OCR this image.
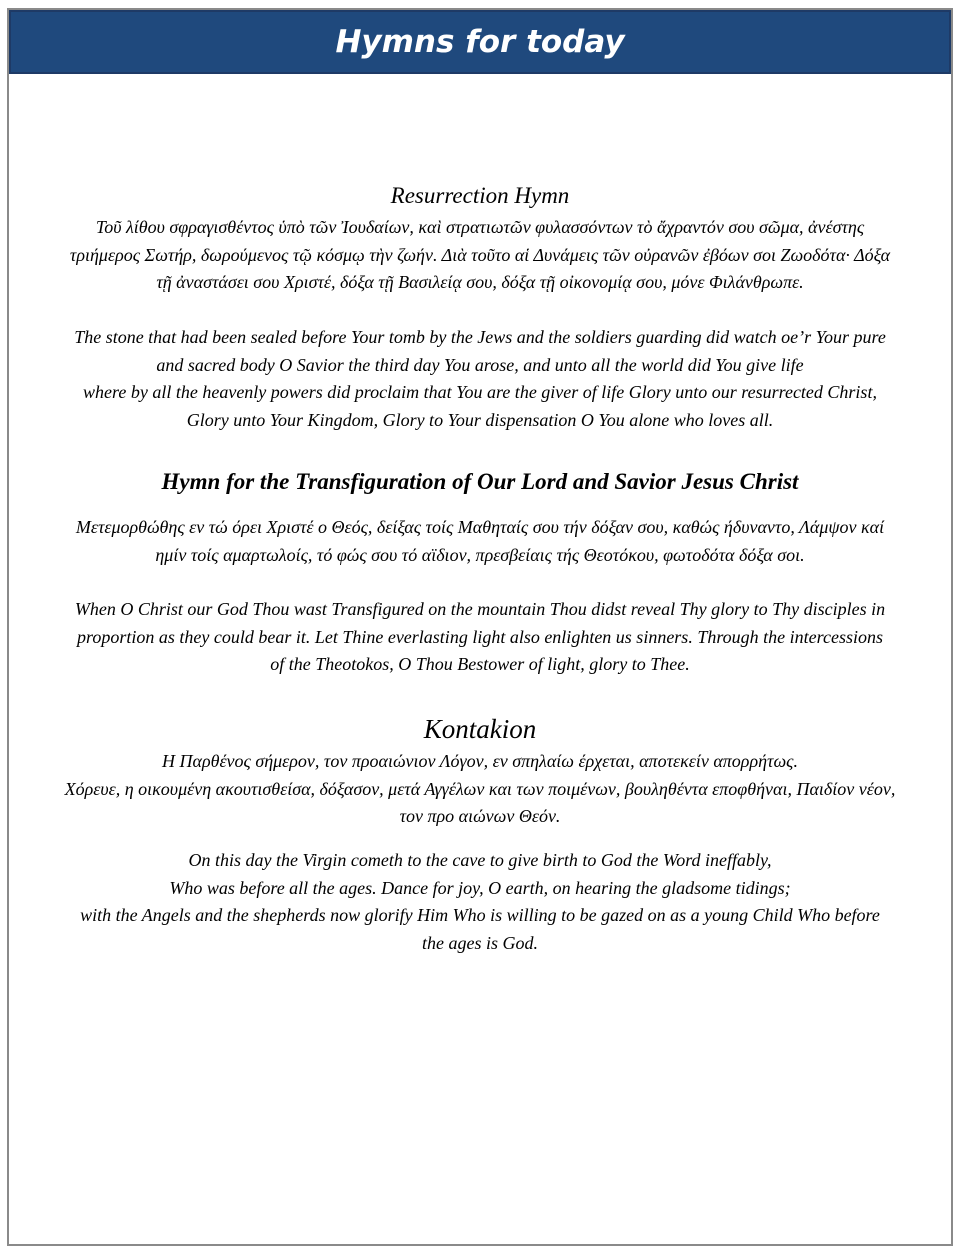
Hymns for today

Resurrection Hymn

Τοῦ λίθου σφραγισθέντος ὑπὸ τῶν Ἰουδαίων, καὶ στρατιωτῶν φυλασσόντων τὸ ἄχραντόν σου σῶμα, ἀνέστης

τριήμερος Σωτήρ, δωρούμενος τῷ κόσμῳ τὴν ζωήν. Διὰ τοῦτο αἱ Δυνάμεις τῶν οὐρανῶν ἐβόων σοι Ζωοδότα· Δόξα

τῇ ἀναστάσει σου Χριστέ, δόξα τῇ Βασιλείᾳ σου, δόξα τῇ οἰκονομίᾳ σου, μόνε Φιλάνθρωπε.

The stone that had been sealed before Your tomb by the Jews and the soldiers guarding did watch oe’r Your pure

and sacred body O Savior the third day You arose, and unto all the world did You give life

where by all the heavenly powers did proclaim that You are the giver of life Glory unto our resurrected Christ,

Glory unto Your Kingdom, Glory to Your dispensation O You alone who loves all.

Hymn for the Transfiguration of Our Lord and Savior Jesus Christ

Μετεμορθώθης εν τώ όρει Χριστέ ο Θεός, δείξας τοίς Μαθηταίς σου τήν δόξαν σου, καθώς ήδυναντο, Λάμψον καί

ημίν τοίς αμαρτωλοίς, τό φώς σου τό αϊδιον, πρεσβείαις τής Θεοτόκου, φωτοδότα δόξα σοι.

When O Christ our God Thou wast Transfigured on the mountain Thou didst reveal Thy glory to Thy disciples in

proportion as they could bear it. Let Thine everlasting light also enlighten us sinners. Through the intercessions

of the Theotokos, O Thou Bestower of light, glory to Thee.

Kontakion

Η Παρθένος σήμερον, τον προαιώνιον Λόγον, εν σπηλαίω έρχεται, αποτεκείν απορρήτως.

Χόρευε, η οικουμένη ακουτισθείσα, δόξασον, μετά Αγγέλων και των ποιμένων, βουληθέντα εποφθήναι, Παιδίον νέον,

τον προ αιώνων Θεόν.

On this day the Virgin cometh to the cave to give birth to God the Word ineffably,

Who was before all the ages. Dance for joy, O earth, on hearing the gladsome tidings;

with the Angels and the shepherds now glorify Him Who is willing to be gazed on as a young Child Who before

the ages is God.
